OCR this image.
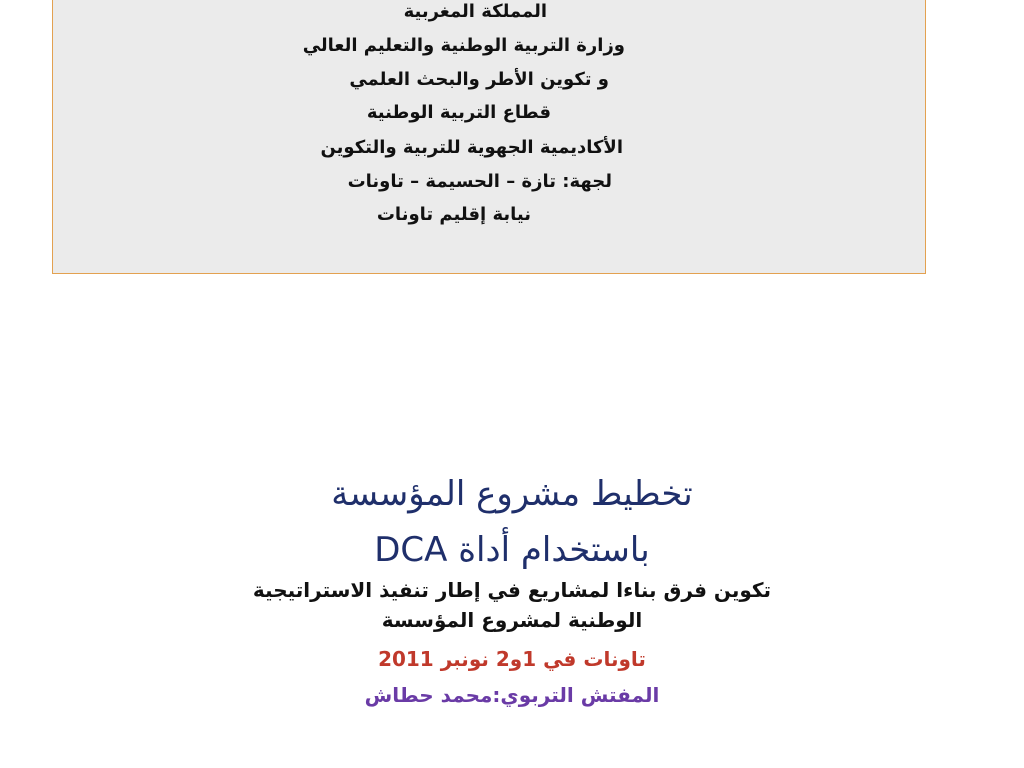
المملكة المغربية
وزارة التربية الوطنية والتعليم العالي
و تكوين الأطر والبحث العلمي
قطاع التربية الوطنية
الأكاديمية الجهوية للتربية والتكوين
لجهة: تازة – الحسيمة – تاونات
نيابة إقليم تاونات
تخطيط مشروع المؤسسة
باستخدام أداة DCA
تكوين فرق بناءا لمشاريع في إطار تنفيذ الاستراتيجية
الوطنية لمشروع المؤسسة
تاونات في 1و2 نونبر 2011
المفتش التربوي:محمد حطاش
